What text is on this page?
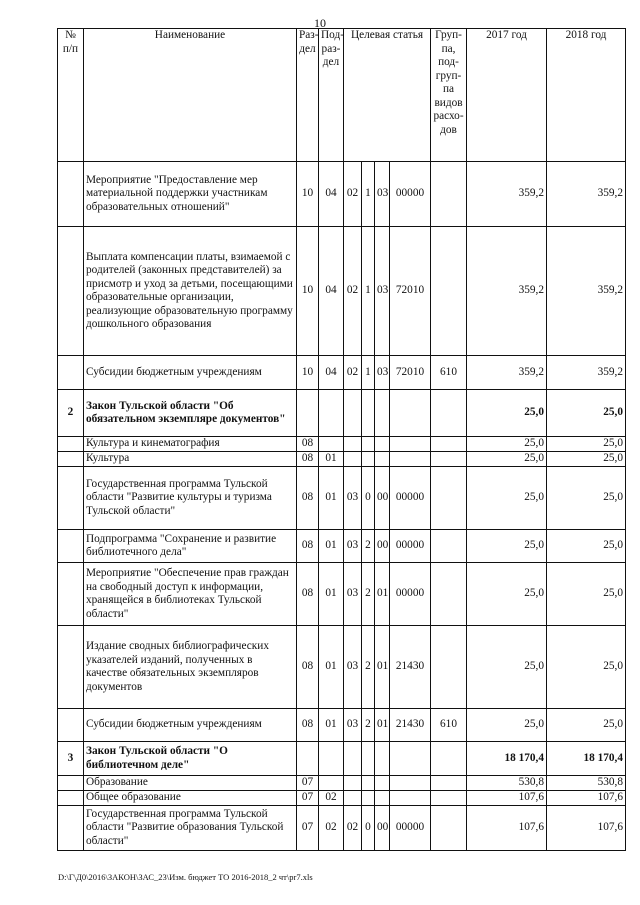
10
№ п/п	Наименование	Раз- дел	Под- раз- дел	Целевая статья				Груп- па, под- груп- па видов расхо- дов	2017 год	2018 год
	Мероприятие "Предоставление мер материальной поддержки участникам образовательных отношений"	10	04	02	1	03	00000		359,2	359,2
	Выплата компенсации платы, взимаемой с родителей (законных представителей) за присмотр и уход за детьми, посещающими образовательные организации, реализующие образовательную программу дошкольного образования	10	04	02	1	03	72010		359,2	359,2
	Субсидии бюджетным учреждениям	10	04	02	1	03	72010	610	359,2	359,2
2	Закон Тульской области "Об обязательном экземпляре документов"								25,0	25,0
	Культура и кинематография	08							25,0	25,0
	Культура	08	01						25,0	25,0
	Государственная программа Тульской области "Развитие культуры и туризма Тульской области"	08	01	03	0	00	00000		25,0	25,0
	Подпрограмма "Сохранение и развитие библиотечного дела"	08	01	03	2	00	00000		25,0	25,0
	Мероприятие "Обеспечение прав граждан на свободный доступ к информации, хранящейся в библиотеках Тульской области"	08	01	03	2	01	00000		25,0	25,0
	Издание сводных библиографических указателей изданий, полученных в качестве обязательных экземпляров документов	08	01	03	2	01	21430		25,0	25,0
	Субсидии бюджетным учреждениям	08	01	03	2	01	21430	610	25,0	25,0
3	Закон Тульской области "О библиотечном деле"								18 170,4	18 170,4
	Образование	07							530,8	530,8
	Общее образование	07	02						107,6	107,6
	Государственная программа Тульской области "Развитие образования Тульской области"	07	02	02	0	00	00000		107,6	107,6
D:\Г\Д0\2016\ЗАКОН\ЗАС_23\Изм. бюджет ТО 2016-2018_2 чт\pr7.xls
